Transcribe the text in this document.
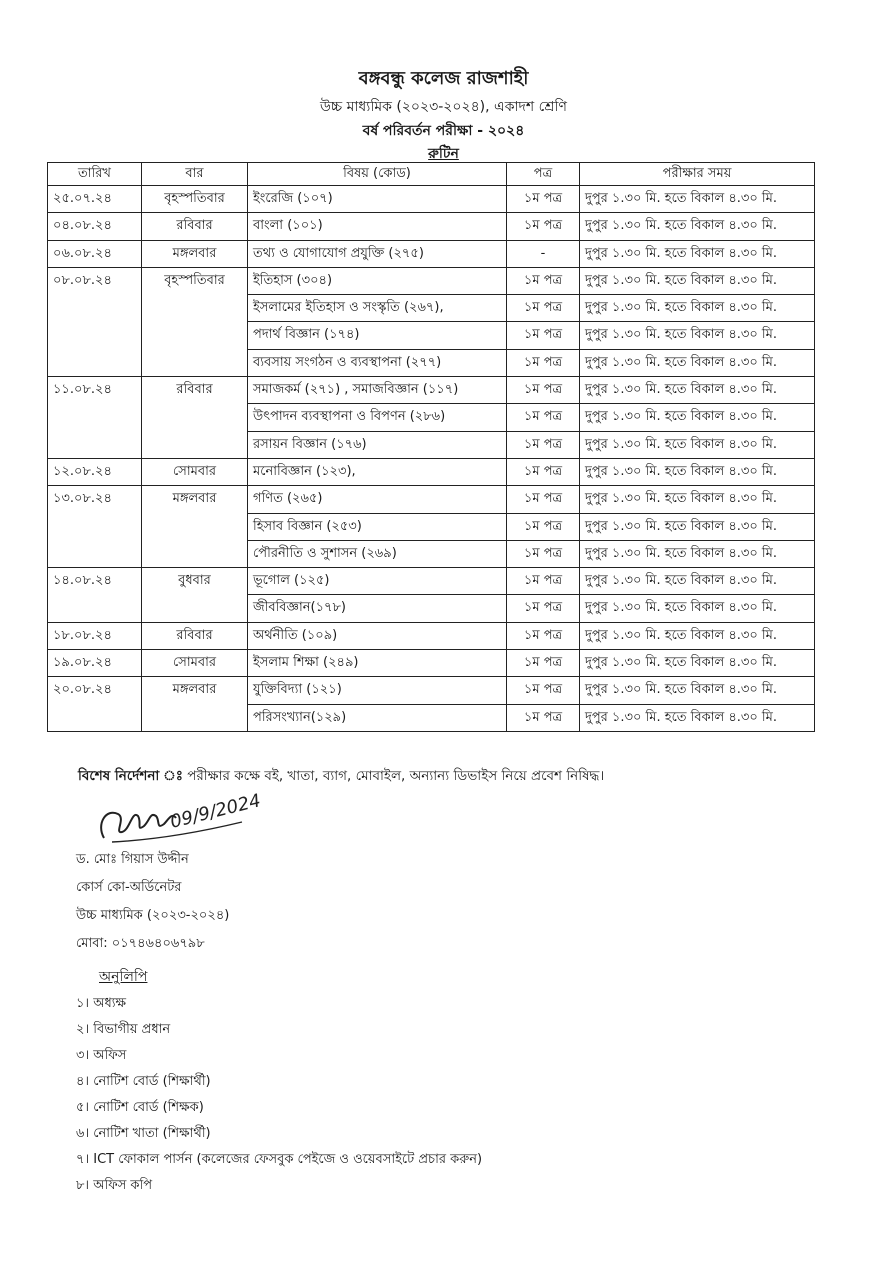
বঙ্গবন্ধু কলেজ রাজশাহী
উচ্চ মাধ্যমিক (২০২৩-২০২৪), একাদশ শ্রেণি
বর্ষ পরিবর্তন পরীক্ষা - ২০২৪
রুটিন
তারিখ	বার	বিষয় (কোড)	পত্র	পরীক্ষার সময়
২৫.০৭.২৪	বৃহস্পতিবার	ইংরেজি (১০৭)	১ম পত্র	দুপুর ১.৩০ মি. হতে বিকাল ৪.৩০ মি.
০৪.০৮.২৪	রবিবার	বাংলা (১০১)	১ম পত্র	দুপুর ১.৩০ মি. হতে বিকাল ৪.৩০ মি.
০৬.০৮.২৪	মঙ্গলবার	তথ্য ও যোগাযোগ প্রযুক্তি (২৭৫)	-	দুপুর ১.৩০ মি. হতে বিকাল ৪.৩০ মি.
০৮.০৮.২৪	বৃহস্পতিবার	ইতিহাস (৩০৪)	১ম পত্র	দুপুর ১.৩০ মি. হতে বিকাল ৪.৩০ মি.
		ইসলামের ইতিহাস ও সংস্কৃতি (২৬৭),	১ম পত্র	দুপুর ১.৩০ মি. হতে বিকাল ৪.৩০ মি.
		পদার্থ বিজ্ঞান (১৭৪)	১ম পত্র	দুপুর ১.৩০ মি. হতে বিকাল ৪.৩০ মি.
		ব্যবসায় সংগঠন ও ব্যবস্থাপনা (২৭৭)	১ম পত্র	দুপুর ১.৩০ মি. হতে বিকাল ৪.৩০ মি.
১১.০৮.২৪	রবিবার	সমাজকর্ম (২৭১) , সমাজবিজ্ঞান (১১৭)	১ম পত্র	দুপুর ১.৩০ মি. হতে বিকাল ৪.৩০ মি.
		উৎপাদন ব্যবস্থাপনা ও বিপণন (২৮৬)	১ম পত্র	দুপুর ১.৩০ মি. হতে বিকাল ৪.৩০ মি.
		রসায়ন বিজ্ঞান (১৭৬)	১ম পত্র	দুপুর ১.৩০ মি. হতে বিকাল ৪.৩০ মি.
১২.০৮.২৪	সোমবার	মনোবিজ্ঞান (১২৩),	১ম পত্র	দুপুর ১.৩০ মি. হতে বিকাল ৪.৩০ মি.
১৩.০৮.২৪	মঙ্গলবার	গণিত (২৬৫)	১ম পত্র	দুপুর ১.৩০ মি. হতে বিকাল ৪.৩০ মি.
		হিসাব বিজ্ঞান (২৫৩)	১ম পত্র	দুপুর ১.৩০ মি. হতে বিকাল ৪.৩০ মি.
		পৌরনীতি ও সুশাসন (২৬৯)	১ম পত্র	দুপুর ১.৩০ মি. হতে বিকাল ৪.৩০ মি.
১৪.০৮.২৪	বুধবার	ভূগোল (১২৫)	১ম পত্র	দুপুর ১.৩০ মি. হতে বিকাল ৪.৩০ মি.
		জীববিজ্ঞান(১৭৮)	১ম পত্র	দুপুর ১.৩০ মি. হতে বিকাল ৪.৩০ মি.
১৮.০৮.২৪	রবিবার	অর্থনীতি (১০৯)	১ম পত্র	দুপুর ১.৩০ মি. হতে বিকাল ৪.৩০ মি.
১৯.০৮.২৪	সোমবার	ইসলাম শিক্ষা (২৪৯)	১ম পত্র	দুপুর ১.৩০ মি. হতে বিকাল ৪.৩০ মি.
২০.০৮.২৪	মঙ্গলবার	যুক্তিবিদ্যা (১২১)	১ম পত্র	দুপুর ১.৩০ মি. হতে বিকাল ৪.৩০ মি.
		পরিসংখ্যান(১২৯)	১ম পত্র	দুপুর ১.৩০ মি. হতে বিকাল ৪.৩০ মি.
বিশেষ নির্দেশনা ঃ পরীক্ষার কক্ষে বই, খাতা, ব্যাগ, মোবাইল, অন্যান্য ডিভাইস নিয়ে প্রবেশ নিষিদ্ধ।
09/9/2024
ড. মোঃ গিয়াস উদ্দীন
কোর্স কো-অর্ডিনেটর
উচ্চ মাধ্যমিক (২০২৩-২০২৪)
মোবা: ০১৭৪৬৪০৬৭৯৮
অনুলিপি
১। অধ্যক্ষ
২। বিভাগীয় প্রধান
৩। অফিস
৪। নোটিশ বোর্ড (শিক্ষার্থী)
৫। নোটিশ বোর্ড (শিক্ষক)
৬। নোটিশ খাতা (শিক্ষার্থী)
৭। ICT ফোকাল পার্সন (কলেজের ফেসবুক পেইজে ও ওয়েবসাইটে প্রচার করুন)
৮। অফিস কপি
